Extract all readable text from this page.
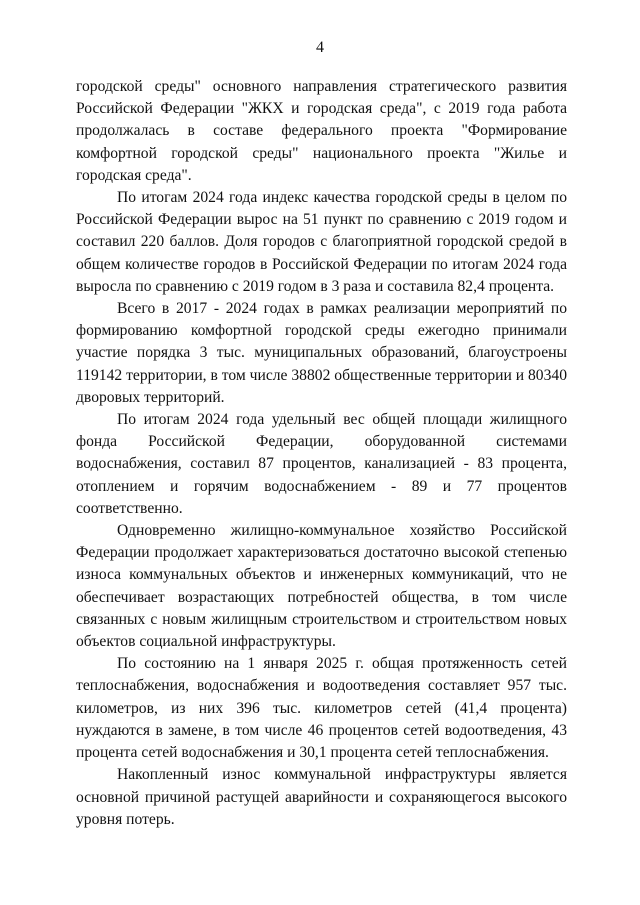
4

городской среды" основного направления стратегического развития Российской Федерации "ЖКХ и городская среда", с 2019 года работа продолжалась в составе федерального проекта "Формирование комфортной городской среды" национального проекта "Жилье и городская среда".

По итогам 2024 года индекс качества городской среды в целом по Российской Федерации вырос на 51 пункт по сравнению с 2019 годом и составил 220 баллов. Доля городов с благоприятной городской средой в общем количестве городов в Российской Федерации по итогам 2024 года выросла по сравнению с 2019 годом в 3 раза и составила 82,4 процента.

Всего в 2017 - 2024 годах в рамках реализации мероприятий по формированию комфортной городской среды ежегодно принимали участие порядка 3 тыс. муниципальных образований, благоустроены 119142 территории, в том числе 38802 общественные территории и 80340 дворовых территорий.

По итогам 2024 года удельный вес общей площади жилищного фонда Российской Федерации, оборудованной системами водоснабжения, составил 87 процентов, канализацией - 83 процента, отоплением и горячим водоснабжением - 89 и 77 процентов соответственно.

Одновременно жилищно-коммунальное хозяйство Российской Федерации продолжает характеризоваться достаточно высокой степенью износа коммунальных объектов и инженерных коммуникаций, что не обеспечивает возрастающих потребностей общества, в том числе связанных с новым жилищным строительством и строительством новых объектов социальной инфраструктуры.

По состоянию на 1 января 2025 г. общая протяженность сетей теплоснабжения, водоснабжения и водоотведения составляет 957 тыс. километров, из них 396 тыс. километров сетей (41,4 процента) нуждаются в замене, в том числе 46 процентов сетей водоотведения, 43 процента сетей водоснабжения и 30,1 процента сетей теплоснабжения.

Накопленный износ коммунальной инфраструктуры является основной причиной растущей аварийности и сохраняющегося высокого уровня потерь.
